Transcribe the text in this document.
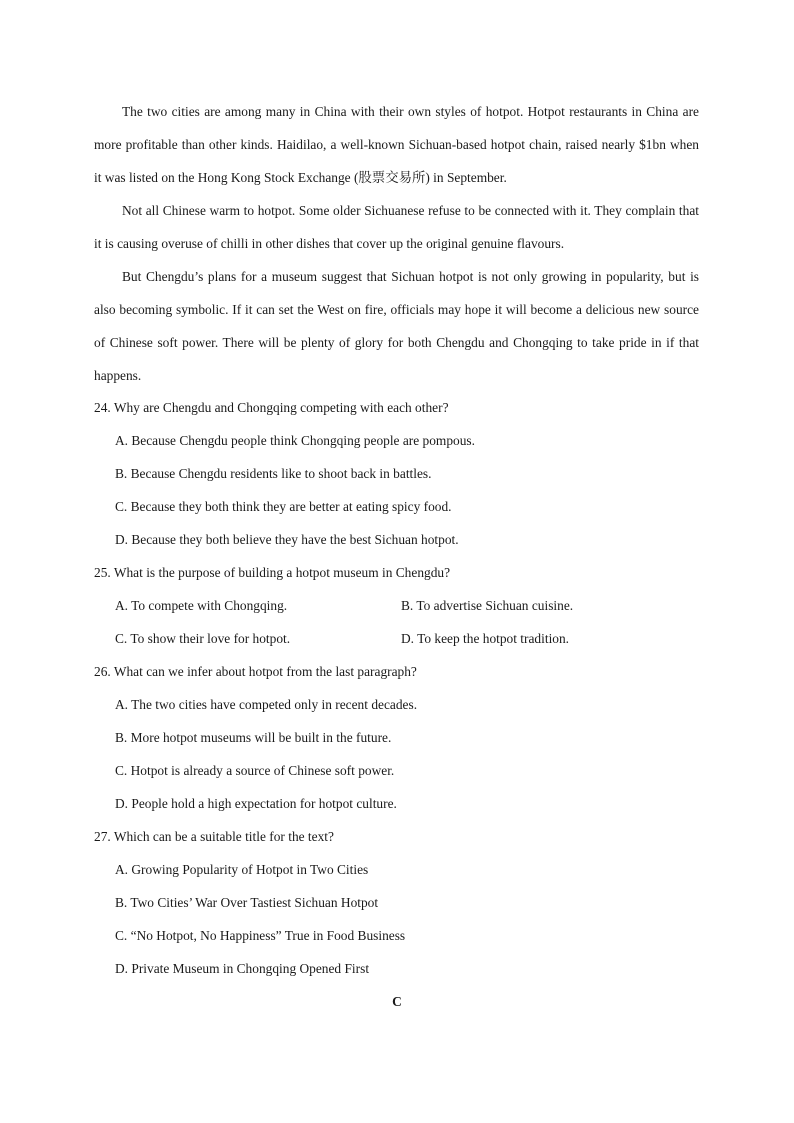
The two cities are among many in China with their own styles of hotpot. Hotpot restaurants in China are more profitable than other kinds. Haidilao, a well-known Sichuan-based hotpot chain, raised nearly $1bn when it was listed on the Hong Kong Stock Exchange (股票交易所) in September.

Not all Chinese warm to hotpot. Some older Sichuanese refuse to be connected with it. They complain that it is causing overuse of chilli in other dishes that cover up the original genuine flavours.

But Chengdu’s plans for a museum suggest that Sichuan hotpot is not only growing in popularity, but is also becoming symbolic. If it can set the West on fire, officials may hope it will become a delicious new source of Chinese soft power. There will be plenty of glory for both Chengdu and Chongqing to take pride in if that happens.

24. Why are Chengdu and Chongqing competing with each other?
A. Because Chengdu people think Chongqing people are pompous.
B. Because Chengdu residents like to shoot back in battles.
C. Because they both think they are better at eating spicy food.
D. Because they both believe they have the best Sichuan hotpot.
25. What is the purpose of building a hotpot museum in Chengdu?
A. To compete with Chongqing.	B. To advertise Sichuan cuisine.
C. To show their love for hotpot.	D. To keep the hotpot tradition.
26. What can we infer about hotpot from the last paragraph?
A. The two cities have competed only in recent decades.
B. More hotpot museums will be built in the future.
C. Hotpot is already a source of Chinese soft power.
D. People hold a high expectation for hotpot culture.
27. Which can be a suitable title for the text?
A. Growing Popularity of Hotpot in Two Cities
B. Two Cities’ War Over Tastiest Sichuan Hotpot
C. “No Hotpot, No Happiness” True in Food Business
D. Private Museum in Chongqing Opened First
C
